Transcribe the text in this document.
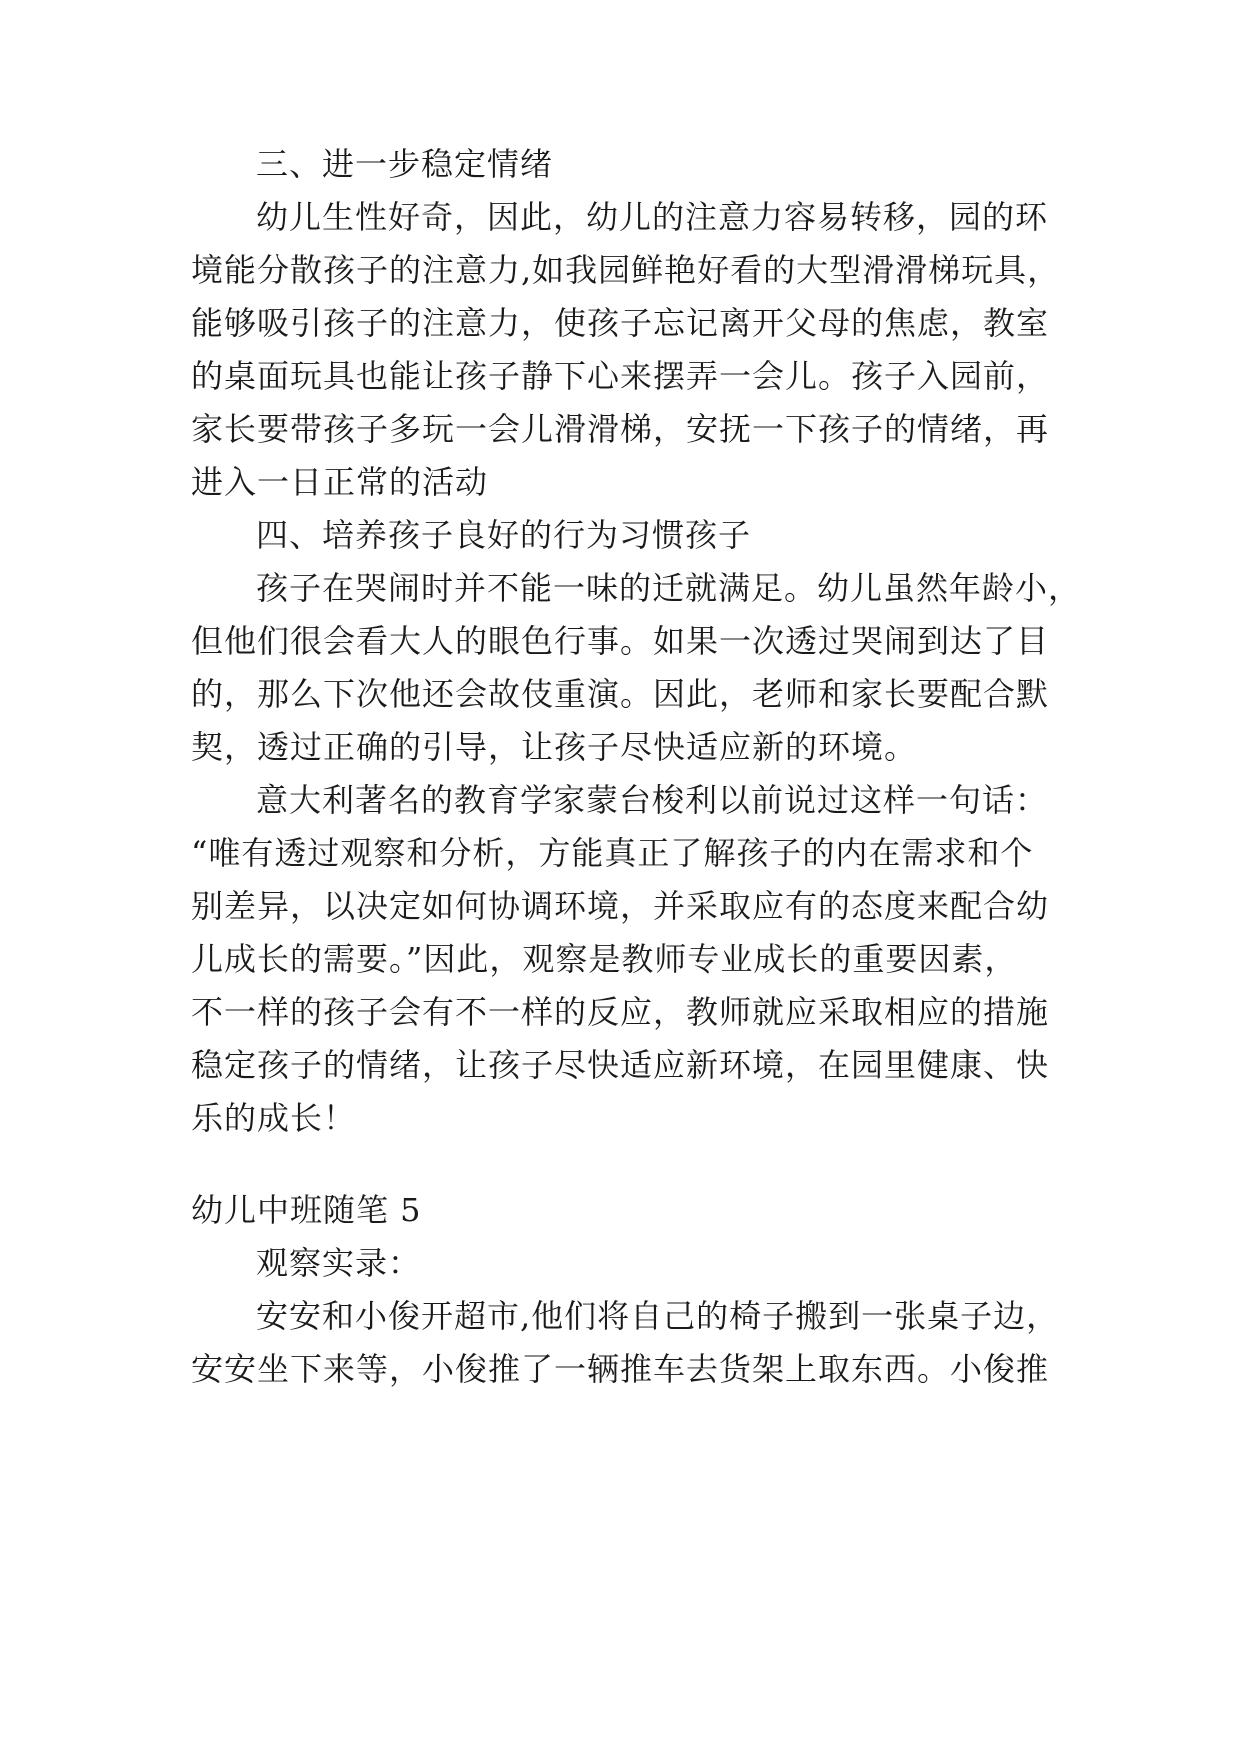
三、进一步稳定情绪

幼儿生性好奇，因此，幼儿的注意力容易转移，园的环

境能分散孩子的注意力,如我园鲜艳好看的大型滑滑梯玩具，

能够吸引孩子的注意力，使孩子忘记离开父母的焦虑，教室

的桌面玩具也能让孩子静下心来摆弄一会儿。孩子入园前，

家长要带孩子多玩一会儿滑滑梯，安抚一下孩子的情绪，再

进入一日正常的活动

四、培养孩子良好的行为习惯孩子

孩子在哭闹时并不能一味的迁就满足。幼儿虽然年龄小，

但他们很会看大人的眼色行事。如果一次透过哭闹到达了目

的，那么下次他还会故伎重演。因此，老师和家长要配合默

契，透过正确的引导，让孩子尽快适应新的环境。

意大利著名的教育学家蒙台梭利以前说过这样一句话：

“唯有透过观察和分析，方能真正了解孩子的内在需求和个

别差异，以决定如何协调环境，并采取应有的态度来配合幼

儿成长的需要。”因此，观察是教师专业成长的重要因素，

不一样的孩子会有不一样的反应，教师就应采取相应的措施

稳定孩子的情绪，让孩子尽快适应新环境，在园里健康、快

乐的成长！

幼儿中班随笔 5

观察实录：

安安和小俊开超市,他们将自己的椅子搬到一张桌子边，

安安坐下来等，小俊推了一辆推车去货架上取东西。小俊推
